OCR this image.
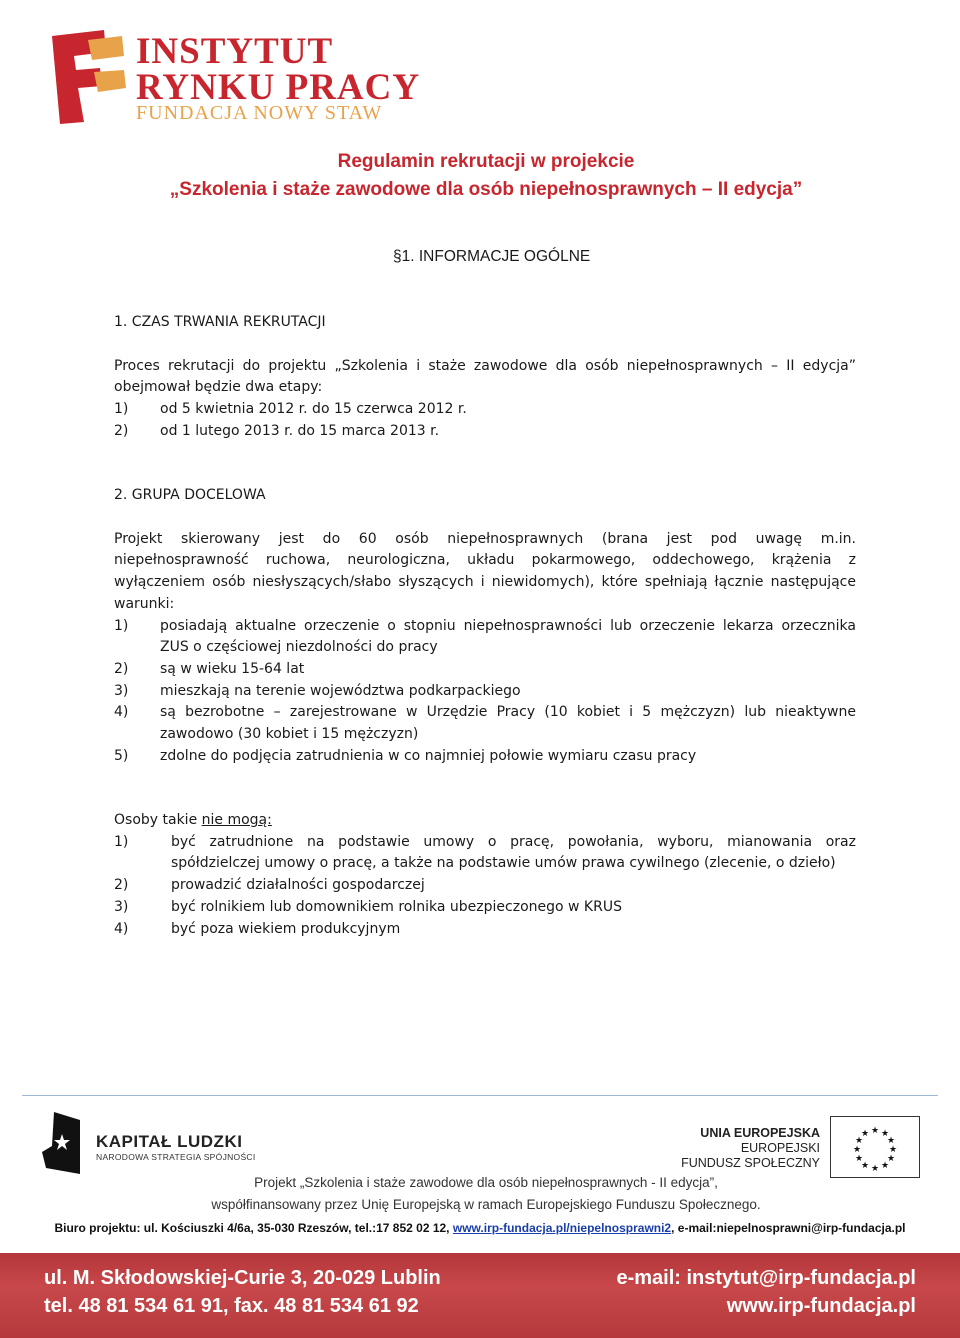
INSTYTUT
RYNKU PRACY
FUNDACJA NOWY STAW
Regulamin rekrutacji w projekcie
„Szkolenia i staże zawodowe dla osób niepełnosprawnych – II edycja”
§1. INFORMACJE OGÓLNE
1. CZAS TRWANIA REKRUTACJI
Proces rekrutacji do projektu „Szkolenia i staże zawodowe dla osób niepełnosprawnych – II edycja” obejmował będzie dwa etapy:
1)	od 5 kwietnia 2012 r. do 15 czerwca 2012 r.
2)	od 1 lutego 2013 r. do 15 marca 2013 r.
2. GRUPA DOCELOWA
Projekt skierowany jest do 60 osób niepełnosprawnych (brana jest pod uwagę m.in.
niepełnosprawność ruchowa, neurologiczna, układu pokarmowego, oddechowego, krążenia z wyłączeniem osób niesłyszących/słabo słyszących i niewidomych), które spełniają łącznie następujące warunki:
1)	posiadają aktualne orzeczenie o stopniu niepełnosprawności lub orzeczenie lekarza orzecznika ZUS o częściowej niezdolności do pracy
2)	są w wieku 15-64 lat
3)	mieszkają na terenie województwa podkarpackiego
4)	są bezrobotne – zarejestrowane w Urzędzie Pracy (10 kobiet i 5 mężczyzn) lub nieaktywne zawodowo (30 kobiet i 15 mężczyzn)
5)	zdolne do podjęcia zatrudnienia w co najmniej połowie wymiaru czasu pracy
Osoby takie nie mogą:
1)	być zatrudnione na podstawie umowy o pracę, powołania, wyboru, mianowania oraz spółdzielczej umowy o pracę, a także na podstawie umów prawa cywilnego (zlecenie, o dzieło)
2)	prowadzić działalności gospodarczej
3)	być rolnikiem lub domownikiem rolnika ubezpieczonego w KRUS
4)	być poza wiekiem produkcyjnym
KAPITAŁ LUDZKI
NARODOWA STRATEGIA SPÓJNOŚCI
UNIA EUROPEJSKA
EUROPEJSKI
FUNDUSZ SPOŁECZNY
★ ★
★
★
★
★
★
★
★
★
★
★
Projekt „Szkolenia i staże zawodowe dla osób niepełnosprawnych - II edycja”,
współfinansowany przez Unię Europejską w ramach Europejskiego Funduszu Społecznego.
Biuro projektu: ul. Kościuszki 4/6a, 35-030 Rzeszów, tel.:17 852 02 12, www.irp-fundacja.pl/niepelnosprawni2, e-mail:niepelnosprawni@irp-fundacja.pl
ul. M. Skłodowskiej-Curie 3, 20-029 Lublin
tel. 48 81 534 61 91, fax. 48 81 534 61 92
e-mail: instytut@irp-fundacja.pl
www.irp-fundacja.pl
